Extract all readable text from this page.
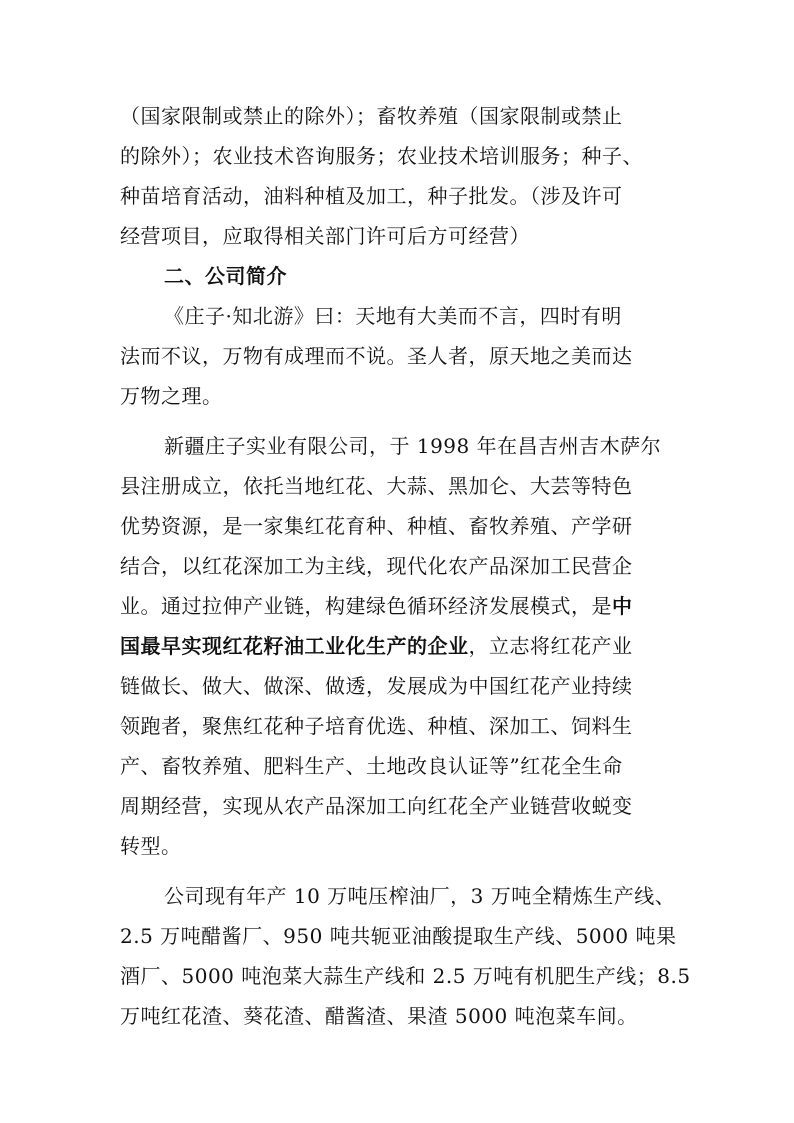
（国家限制或禁止的除外）；畜牧养殖（国家限制或禁止
的除外）；农业技术咨询服务；农业技术培训服务；种子、
种苗培育活动，油料种植及加工，种子批发。（涉及许可
经营项目，应取得相关部门许可后方可经营）
二、公司简介
《庄子·知北游》曰：天地有大美而不言，四时有明
法而不议，万物有成理而不说。圣人者，原天地之美而达
万物之理。
新疆庄子实业有限公司，于 1998 年在昌吉州吉木萨尔
县注册成立，依托当地红花、大蒜、黑加仑、大芸等特色
优势资源，是一家集红花育种、种植、畜牧养殖、产学研
结合，以红花深加工为主线，现代化农产品深加工民营企
业。通过拉伸产业链，构建绿色循环经济发展模式，是中
国最早实现红花籽油工业化生产的企业，立志将红花产业
链做长、做大、做深、做透，发展成为中国红花产业持续
领跑者，聚焦红花种子培育优选、种植、深加工、饲料生
产、畜牧养殖、肥料生产、土地改良认证等”红花全生命
周期经营，实现从农产品深加工向红花全产业链营收蜕变
转型。
公司现有年产 10 万吨压榨油厂，3 万吨全精炼生产线、
2.5 万吨醋酱厂、950 吨共轭亚油酸提取生产线、5000 吨果
酒厂、5000 吨泡菜大蒜生产线和 2.5 万吨有机肥生产线；8.5
万吨红花渣、葵花渣、醋酱渣、果渣 5000 吨泡菜车间。
